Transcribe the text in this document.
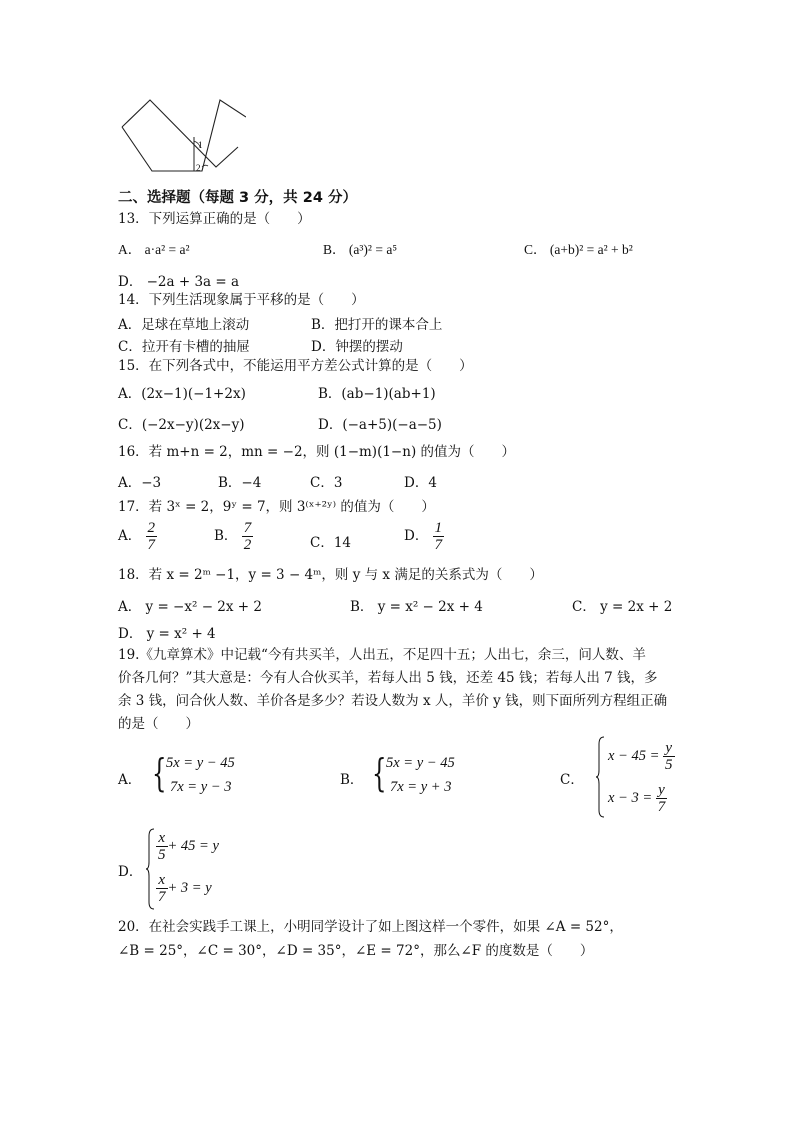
1
2
二、选择题（每题 3 分，共 24 分）
13．下列运算正确的是（　　）
A． a·a² = a²	B． (a³)² = a⁵	C． (a+b)² = a² + b²
D． −2a + 3a = a
14．下列生活现象属于平移的是（　　）
A．足球在草地上滚动	B．把打开的课本合上
C．拉开有卡槽的抽屉	D．钟摆的摆动
15．在下列各式中，不能运用平方差公式计算的是（　　）
A．(2x−1)(−1+2x)	B．(ab−1)(ab+1)
C．(−2x−y)(2x−y)	D．(−a+5)(−a−5)
16．若 m+n = 2，mn = −2，则 (1−m)(1−n) 的值为（　　）
A．−3	B．−4	C．3	D．4
17．若 3ˣ = 2，9ʸ = 7，则 3⁽ˣ⁺²ʸ⁾ 的值为（　　）
A． $\frac{2}{7}$	B． $\frac{7}{2}$	C．14	D． $\frac{1}{7}$
18．若 x = 2ᵐ −1，y = 3 − 4ᵐ，则 y 与 x 满足的关系式为（　　）
A． y = −x² − 2x + 2	B． y = x² − 2x + 4	C． y = 2x + 2
D． y = x² + 4
19.《九章算术》中记载“今有共买羊，人出五，不足四十五；人出七，余三，问人数、羊
价各几何？”其大意是：今有人合伙买羊，若每人出 5 钱，还差 45 钱；若每人出 7 钱，多
余 3 钱，问合伙人数、羊价各是多少？若设人数为 x 人，羊价 y 钱，则下面所列方程组正确
的是（　　）
A． { 5x = y − 45
7x = y − 3	B． { 5x = y − 45
7x = y + 3	C．
$x - 45 = \frac{y}{5}$
$x - 3 = \frac{y}{7}$
D．
$\frac{x}{5} + 45 = y$
$\frac{x}{7} + 3 = y$
20．在社会实践手工课上，小明同学设计了如上图这样一个零件，如果 ∠A = 52°，
∠B = 25°，∠C = 30°，∠D = 35°，∠E = 72°，那么∠F 的度数是（　　）
